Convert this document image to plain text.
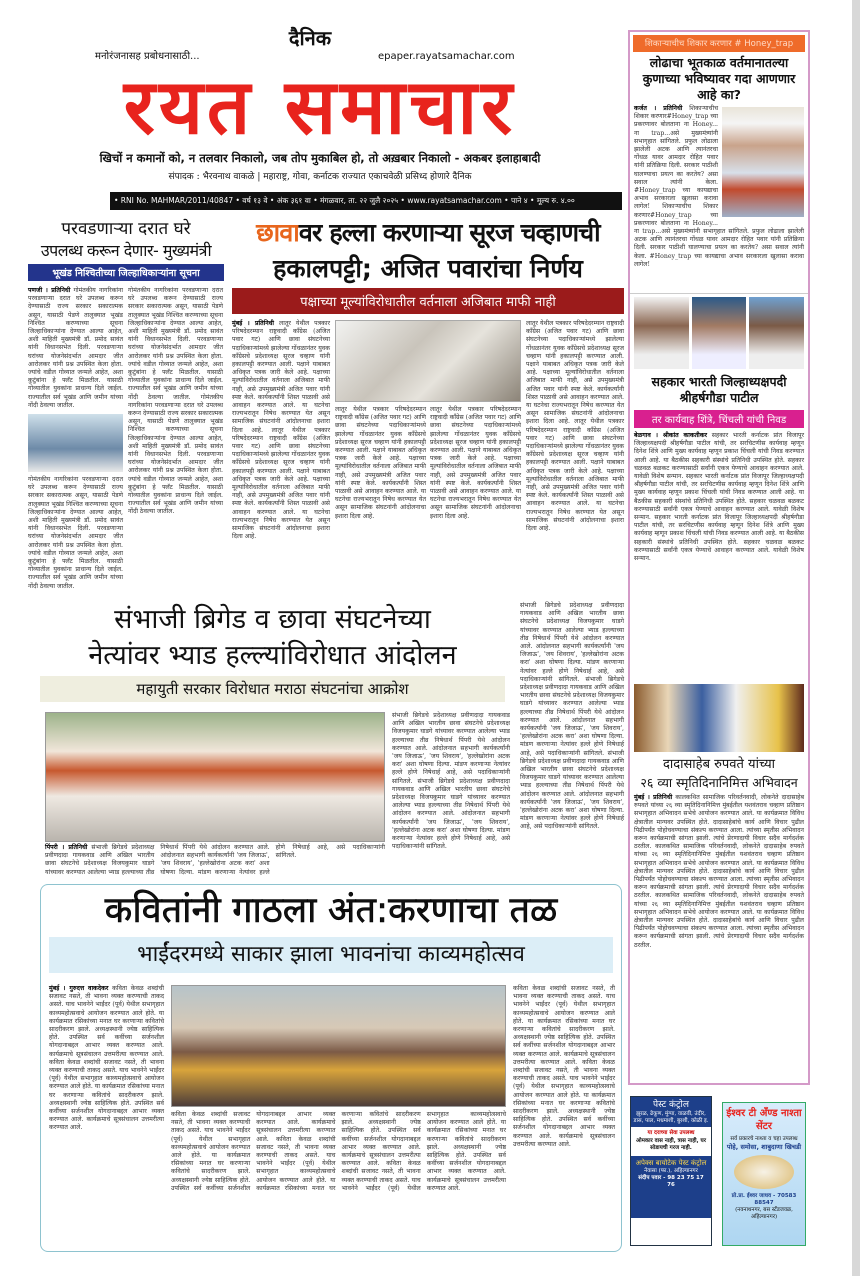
दैनिक
मनोरंजनासह प्रबोधनासाठी...	epaper.rayatsamachar.com
रयत समाचार
खिचों न कमानों को, न तलवार निकालो, जब तोप मुकाबिल हो, तो अख़बार निकालो - अकबर इलाहाबादी
संपादक : भैरवनाथ वाकळे | महाराष्ट्र, गोवा, कर्नाटक राज्यात एकाचवेळी प्रसिध्द होणारे दैनिक
• RNI No. MAHMAR/2011/40847 • वर्ष १३ वे • अंक ३६१ वा • मंगळवार, ता. २२ जुलै २०२५ • www.rayatsamachar.com • पाने ४ • मूल्य रु. ४.००
परवडणाऱ्या दरात घरे
उपलब्ध करून देणार- मुख्यमंत्री
भूखंड निश्चितीच्या जिल्हाधिकाऱ्यांना सूचना
पणजी । प्रतिनिधी गोमंतकीय नागरिकांना परवडणाऱ्या दरात घरे उपलब्ध करून देण्यासाठी राज्य सरकार सकारात्मक असून, यासाठी पेडणे तालुक्यात भूखंड निश्चित करण्याच्या सूचना जिल्हाधिकाऱ्यांना देण्यात आल्या आहेत, अशी माहिती मुख्यमंत्री डॉ. प्रमोद सावंत यांनी विधानसभेत दिली. परवडणाऱ्या घरांच्या योजनेसंदर्भात आमदार जीत आरोलकर यांनी प्रश्न उपस्थित केला होता. ज्यांचे वडील गोव्यात जन्मले आहेत, अशा कुटुंबांना हे फ्लॅट मिळतील. यासाठी गोव्यातील युवकांना प्राधान्य दिले जाईल. राज्यातील सर्व भूखंड आणि जमीन यांच्या नोंदी ठेवल्या जातील.
गोमंतकीय नागरिकांना परवडणाऱ्या दरात घरे उपलब्ध करून देण्यासाठी राज्य सरकार सकारात्मक असून, यासाठी पेडणे तालुक्यात भूखंड निश्चित करण्याच्या सूचना जिल्हाधिकाऱ्यांना देण्यात आल्या आहेत, अशी माहिती मुख्यमंत्री डॉ. प्रमोद सावंत यांनी विधानसभेत दिली. परवडणाऱ्या घरांच्या योजनेसंदर्भात आमदार जीत आरोलकर यांनी प्रश्न उपस्थित केला होता. ज्यांचे वडील गोव्यात जन्मले आहेत, अशा कुटुंबांना हे फ्लॅट मिळतील. यासाठी गोव्यातील युवकांना प्राधान्य दिले जाईल. राज्यातील सर्व भूखंड आणि जमीन यांच्या नोंदी ठेवल्या जातील.
गोमंतकीय नागरिकांना परवडणाऱ्या दरात घरे उपलब्ध करून देण्यासाठी राज्य सरकार सकारात्मक असून, यासाठी पेडणे तालुक्यात भूखंड निश्चित करण्याच्या सूचना जिल्हाधिकाऱ्यांना देण्यात आल्या आहेत, अशी माहिती मुख्यमंत्री डॉ. प्रमोद सावंत यांनी विधानसभेत दिली. परवडणाऱ्या घरांच्या योजनेसंदर्भात आमदार जीत आरोलकर यांनी प्रश्न उपस्थित केला होता. ज्यांचे वडील गोव्यात जन्मले आहेत, अशा कुटुंबांना हे फ्लॅट मिळतील. यासाठी गोव्यातील युवकांना प्राधान्य दिले जाईल. राज्यातील सर्व भूखंड आणि जमीन यांच्या नोंदी ठेवल्या जातील. गोमंतकीय नागरिकांना परवडणाऱ्या दरात घरे उपलब्ध करून देण्यासाठी राज्य सरकार सकारात्मक असून, यासाठी पेडणे तालुक्यात भूखंड निश्चित करण्याच्या सूचना जिल्हाधिकाऱ्यांना देण्यात आल्या आहेत, अशी माहिती मुख्यमंत्री डॉ. प्रमोद सावंत यांनी विधानसभेत दिली. परवडणाऱ्या घरांच्या योजनेसंदर्भात आमदार जीत आरोलकर यांनी प्रश्न उपस्थित केला होता. ज्यांचे वडील गोव्यात जन्मले आहेत, अशा कुटुंबांना हे फ्लॅट मिळतील. यासाठी गोव्यातील युवकांना प्राधान्य दिले जाईल. राज्यातील सर्व भूखंड आणि जमीन यांच्या नोंदी ठेवल्या जातील.
छावावर हल्ला करणाऱ्या सूरज चव्हाणची
हकालपट्टी; अजित पवारांचा निर्णय
पक्षाच्या मूल्यांविरोधातील वर्तनाला अजिबात माफी नाही
मुंबई । प्रतिनिधी लातूर येथील पत्रकार परिषदेदरम्यान राष्ट्रवादी काँग्रेस (अजित पवार गट) आणि छावा संघटनेच्या पदाधिकाऱ्यांमध्ये झालेल्या गोंधळानंतर युवक काँग्रेसचे प्रदेशाध्यक्ष सूरज चव्हाण यांनी हकालपट्टी करण्यात आली. पक्षाने याबाबत अधिकृत पत्रक जारी केले आहे. पक्षाच्या मूल्यांविरोधातील वर्तनाला अजिबात माफी नाही, असे उपमुख्यमंत्री अजित पवार यांनी स्पष्ट केले. कार्यकर्त्यांनी शिस्त पाळावी असे आवाहन करण्यात आले. या घटनेचा राज्यभरातून निषेध करण्यात येत असून सामाजिक संघटनांनी आंदोलनाचा इशारा दिला आहे. लातूर येथील पत्रकार परिषदेदरम्यान राष्ट्रवादी काँग्रेस (अजित पवार गट) आणि छावा संघटनेच्या पदाधिकाऱ्यांमध्ये झालेल्या गोंधळानंतर युवक काँग्रेसचे प्रदेशाध्यक्ष सूरज चव्हाण यांनी हकालपट्टी करण्यात आली. पक्षाने याबाबत अधिकृत पत्रक जारी केले आहे. पक्षाच्या मूल्यांविरोधातील वर्तनाला अजिबात माफी नाही, असे उपमुख्यमंत्री अजित पवार यांनी स्पष्ट केले. कार्यकर्त्यांनी शिस्त पाळावी असे आवाहन करण्यात आले. या घटनेचा राज्यभरातून निषेध करण्यात येत असून सामाजिक संघटनांनी आंदोलनाचा इशारा दिला आहे.
लातूर येथील पत्रकार परिषदेदरम्यान राष्ट्रवादी काँग्रेस (अजित पवार गट) आणि छावा संघटनेच्या पदाधिकाऱ्यांमध्ये झालेल्या गोंधळानंतर युवक काँग्रेसचे प्रदेशाध्यक्ष सूरज चव्हाण यांनी हकालपट्टी करण्यात आली. पक्षाने याबाबत अधिकृत पत्रक जारी केले आहे. पक्षाच्या मूल्यांविरोधातील वर्तनाला अजिबात माफी नाही, असे उपमुख्यमंत्री अजित पवार यांनी स्पष्ट केले. कार्यकर्त्यांनी शिस्त पाळावी असे आवाहन करण्यात आले. या घटनेचा राज्यभरातून निषेध करण्यात येत असून सामाजिक संघटनांनी आंदोलनाचा इशारा दिला आहे.
लातूर येथील पत्रकार परिषदेदरम्यान राष्ट्रवादी काँग्रेस (अजित पवार गट) आणि छावा संघटनेच्या पदाधिकाऱ्यांमध्ये झालेल्या गोंधळानंतर युवक काँग्रेसचे प्रदेशाध्यक्ष सूरज चव्हाण यांनी हकालपट्टी करण्यात आली. पक्षाने याबाबत अधिकृत पत्रक जारी केले आहे. पक्षाच्या मूल्यांविरोधातील वर्तनाला अजिबात माफी नाही, असे उपमुख्यमंत्री अजित पवार यांनी स्पष्ट केले. कार्यकर्त्यांनी शिस्त पाळावी असे आवाहन करण्यात आले. या घटनेचा राज्यभरातून निषेध करण्यात येत असून सामाजिक संघटनांनी आंदोलनाचा इशारा दिला आहे.
लातूर येथील पत्रकार परिषदेदरम्यान राष्ट्रवादी काँग्रेस (अजित पवार गट) आणि छावा संघटनेच्या पदाधिकाऱ्यांमध्ये झालेल्या गोंधळानंतर युवक काँग्रेसचे प्रदेशाध्यक्ष सूरज चव्हाण यांनी हकालपट्टी करण्यात आली. पक्षाने याबाबत अधिकृत पत्रक जारी केले आहे. पक्षाच्या मूल्यांविरोधातील वर्तनाला अजिबात माफी नाही, असे उपमुख्यमंत्री अजित पवार यांनी स्पष्ट केले. कार्यकर्त्यांनी शिस्त पाळावी असे आवाहन करण्यात आले. या घटनेचा राज्यभरातून निषेध करण्यात येत असून सामाजिक संघटनांनी आंदोलनाचा इशारा दिला आहे. लातूर येथील पत्रकार परिषदेदरम्यान राष्ट्रवादी काँग्रेस (अजित पवार गट) आणि छावा संघटनेच्या पदाधिकाऱ्यांमध्ये झालेल्या गोंधळानंतर युवक काँग्रेसचे प्रदेशाध्यक्ष सूरज चव्हाण यांनी हकालपट्टी करण्यात आली. पक्षाने याबाबत अधिकृत पत्रक जारी केले आहे. पक्षाच्या मूल्यांविरोधातील वर्तनाला अजिबात माफी नाही, असे उपमुख्यमंत्री अजित पवार यांनी स्पष्ट केले. कार्यकर्त्यांनी शिस्त पाळावी असे आवाहन करण्यात आले. या घटनेचा राज्यभरातून निषेध करण्यात येत असून सामाजिक संघटनांनी आंदोलनाचा इशारा दिला आहे.
संभाजी ब्रिगेड व छावा संघटनेच्या
नेत्यांवर भ्याड हल्ल्यांविरोधात आंदोलन
महायुती सरकार विरोधात मराठा संघटनांचा आक्रोश
पिंपरी । प्रतिनिधी संभाजी ब्रिगेडचे प्रदेशाध्यक्ष प्रवीणदादा गायकवाड आणि अखिल भारतीय छावा संघटनेचे प्रदेशाध्यक्ष विजयकुमार घाडगे यांच्यावर करण्यात आलेल्या भ्याड हल्ल्याच्या तीव्र निषेधार्थ पिंपरी येथे आंदोलन करण्यात आले. आंदोलनात सहभागी कार्यकर्त्यांनी 'जय जिजाऊ', 'जय शिवराय', 'हल्लेखोरांना अटक करा' अशा घोषणा दिल्या. मांडण करणाऱ्या नेत्यांवर हल्ले होणे निषेधार्ह आहे, असे पदाधिकाऱ्यांनी सांगितले.
संभाजी ब्रिगेडचे प्रदेशाध्यक्ष प्रवीणदादा गायकवाड आणि अखिल भारतीय छावा संघटनेचे प्रदेशाध्यक्ष विजयकुमार घाडगे यांच्यावर करण्यात आलेल्या भ्याड हल्ल्याच्या तीव्र निषेधार्थ पिंपरी येथे आंदोलन करण्यात आले. आंदोलनात सहभागी कार्यकर्त्यांनी 'जय जिजाऊ', 'जय शिवराय', 'हल्लेखोरांना अटक करा' अशा घोषणा दिल्या. मांडण करणाऱ्या नेत्यांवर हल्ले होणे निषेधार्ह आहे, असे पदाधिकाऱ्यांनी सांगितले. संभाजी ब्रिगेडचे प्रदेशाध्यक्ष प्रवीणदादा गायकवाड आणि अखिल भारतीय छावा संघटनेचे प्रदेशाध्यक्ष विजयकुमार घाडगे यांच्यावर करण्यात आलेल्या भ्याड हल्ल्याच्या तीव्र निषेधार्थ पिंपरी येथे आंदोलन करण्यात आले. आंदोलनात सहभागी कार्यकर्त्यांनी 'जय जिजाऊ', 'जय शिवराय', 'हल्लेखोरांना अटक करा' अशा घोषणा दिल्या. मांडण करणाऱ्या नेत्यांवर हल्ले होणे निषेधार्ह आहे, असे पदाधिकाऱ्यांनी सांगितले.
संभाजी ब्रिगेडचे प्रदेशाध्यक्ष प्रवीणदादा गायकवाड आणि अखिल भारतीय छावा संघटनेचे प्रदेशाध्यक्ष विजयकुमार घाडगे यांच्यावर करण्यात आलेल्या भ्याड हल्ल्याच्या तीव्र निषेधार्थ पिंपरी येथे आंदोलन करण्यात आले. आंदोलनात सहभागी कार्यकर्त्यांनी 'जय जिजाऊ', 'जय शिवराय', 'हल्लेखोरांना अटक करा' अशा घोषणा दिल्या. मांडण करणाऱ्या नेत्यांवर हल्ले होणे निषेधार्ह आहे, असे पदाधिकाऱ्यांनी सांगितले. संभाजी ब्रिगेडचे प्रदेशाध्यक्ष प्रवीणदादा गायकवाड आणि अखिल भारतीय छावा संघटनेचे प्रदेशाध्यक्ष विजयकुमार घाडगे यांच्यावर करण्यात आलेल्या भ्याड हल्ल्याच्या तीव्र निषेधार्थ पिंपरी येथे आंदोलन करण्यात आले. आंदोलनात सहभागी कार्यकर्त्यांनी 'जय जिजाऊ', 'जय शिवराय', 'हल्लेखोरांना अटक करा' अशा घोषणा दिल्या. मांडण करणाऱ्या नेत्यांवर हल्ले होणे निषेधार्ह आहे, असे पदाधिकाऱ्यांनी सांगितले. संभाजी ब्रिगेडचे प्रदेशाध्यक्ष प्रवीणदादा गायकवाड आणि अखिल भारतीय छावा संघटनेचे प्रदेशाध्यक्ष विजयकुमार घाडगे यांच्यावर करण्यात आलेल्या भ्याड हल्ल्याच्या तीव्र निषेधार्थ पिंपरी येथे आंदोलन करण्यात आले. आंदोलनात सहभागी कार्यकर्त्यांनी 'जय जिजाऊ', 'जय शिवराय', 'हल्लेखोरांना अटक करा' अशा घोषणा दिल्या. मांडण करणाऱ्या नेत्यांवर हल्ले होणे निषेधार्ह आहे, असे पदाधिकाऱ्यांनी सांगितले.
कवितांनी गाठला अंत:करणाचा तळ
भाईंदरमध्ये साकार झाला भावनांचा काव्यमहोत्सव
मुंबई । गुरुदत्त वाकदेकर कविता केवळ शब्दांची सजावट नसते, ती भावना व्यक्त करण्याची ताकद असते. याच भावनेने भाईंदर (पूर्व) येथील सभागृहात काव्यमहोत्सवाचे आयोजन करण्यात आले होते. या कार्यक्रमात रसिकांच्या मनात घर करणाऱ्या कवितांचे सादरीकरण झाले. अध्यक्षस्थानी ज्येष्ठ साहित्यिक होते. उपस्थित सर्व कवींच्या सर्जनशील योगदानाबद्दल आभार व्यक्त करण्यात आले. कार्यक्रमाचे सूत्रसंचालन उत्तमरीत्या करण्यात आले. कविता केवळ शब्दांची सजावट नसते, ती भावना व्यक्त करण्याची ताकद असते. याच भावनेने भाईंदर (पूर्व) येथील सभागृहात काव्यमहोत्सवाचे आयोजन करण्यात आले होते. या कार्यक्रमात रसिकांच्या मनात घर करणाऱ्या कवितांचे सादरीकरण झाले. अध्यक्षस्थानी ज्येष्ठ साहित्यिक होते. उपस्थित सर्व कवींच्या सर्जनशील योगदानाबद्दल आभार व्यक्त करण्यात आले. कार्यक्रमाचे सूत्रसंचालन उत्तमरीत्या करण्यात आले.
कविता केवळ शब्दांची सजावट नसते, ती भावना व्यक्त करण्याची ताकद असते. याच भावनेने भाईंदर (पूर्व) येथील सभागृहात काव्यमहोत्सवाचे आयोजन करण्यात आले होते. या कार्यक्रमात रसिकांच्या मनात घर करणाऱ्या कवितांचे सादरीकरण झाले. अध्यक्षस्थानी ज्येष्ठ साहित्यिक होते. उपस्थित सर्व कवींच्या सर्जनशील योगदानाबद्दल आभार व्यक्त करण्यात आले. कार्यक्रमाचे सूत्रसंचालन उत्तमरीत्या करण्यात आले. कविता केवळ शब्दांची सजावट नसते, ती भावना व्यक्त करण्याची ताकद असते. याच भावनेने भाईंदर (पूर्व) येथील सभागृहात काव्यमहोत्सवाचे आयोजन करण्यात आले होते. या कार्यक्रमात रसिकांच्या मनात घर करणाऱ्या कवितांचे सादरीकरण झाले. अध्यक्षस्थानी ज्येष्ठ साहित्यिक होते. उपस्थित सर्व कवींच्या सर्जनशील योगदानाबद्दल आभार व्यक्त करण्यात आले. कार्यक्रमाचे सूत्रसंचालन उत्तमरीत्या करण्यात आले. कविता केवळ शब्दांची सजावट नसते, ती भावना व्यक्त करण्याची ताकद असते. याच भावनेने भाईंदर (पूर्व) येथील सभागृहात काव्यमहोत्सवाचे आयोजन करण्यात आले होते. या कार्यक्रमात रसिकांच्या मनात घर करणाऱ्या कवितांचे सादरीकरण झाले. अध्यक्षस्थानी ज्येष्ठ साहित्यिक होते. उपस्थित सर्व कवींच्या सर्जनशील योगदानाबद्दल आभार व्यक्त करण्यात आले. कार्यक्रमाचे सूत्रसंचालन उत्तमरीत्या करण्यात आले.
कविता केवळ शब्दांची सजावट नसते, ती भावना व्यक्त करण्याची ताकद असते. याच भावनेने भाईंदर (पूर्व) येथील सभागृहात काव्यमहोत्सवाचे आयोजन करण्यात आले होते. या कार्यक्रमात रसिकांच्या मनात घर करणाऱ्या कवितांचे सादरीकरण झाले. अध्यक्षस्थानी ज्येष्ठ साहित्यिक होते. उपस्थित सर्व कवींच्या सर्जनशील योगदानाबद्दल आभार व्यक्त करण्यात आले. कार्यक्रमाचे सूत्रसंचालन उत्तमरीत्या करण्यात आले. कविता केवळ शब्दांची सजावट नसते, ती भावना व्यक्त करण्याची ताकद असते. याच भावनेने भाईंदर (पूर्व) येथील सभागृहात काव्यमहोत्सवाचे आयोजन करण्यात आले होते. या कार्यक्रमात रसिकांच्या मनात घर करणाऱ्या कवितांचे सादरीकरण झाले. अध्यक्षस्थानी ज्येष्ठ साहित्यिक होते. उपस्थित सर्व कवींच्या सर्जनशील योगदानाबद्दल आभार व्यक्त करण्यात आले. कार्यक्रमाचे सूत्रसंचालन उत्तमरीत्या करण्यात आले.
शिकाऱ्याचीच शिकार करणार # Honey_trap
लोढाचा भूतकाळ वर्तमानातल्या कुणाच्या भविष्यावर गदा आणणार आहे का?
कर्जत । प्रतिनिधी शिकाऱ्याचीच शिकार करणार#Honey_trap च्या प्रकरणावर बोलताना ना Honey... ना trap...असे मुख्यमंत्र्यांनी सभागृहात सांगितले. प्रफुल लोढाला झालेली अटक आणि त्यानंतरचा गोंधळ यावर आमदार रोहित पवार यांनी प्रतिक्रिया दिली. सरकार पाठीशी घालण्याचा प्रयत्न का करतेय? असा सवाल त्यांनी केला. #Honey_trap च्या कायद्याचा अभाव सरकारला खुलासा करावा लागेल! शिकाऱ्याचीच शिकार करणार#Honey_trap च्या प्रकरणावर बोलताना ना Honey... ना trap...असे मुख्यमंत्र्यांनी सभागृहात सांगितले. प्रफुल लोढाला झालेली अटक आणि त्यानंतरचा गोंधळ यावर आमदार रोहित पवार यांनी प्रतिक्रिया दिली. सरकार पाठीशी घालण्याचा प्रयत्न का करतेय? असा सवाल त्यांनी केला. #Honey_trap च्या कायद्याचा अभाव सरकारला खुलासा करावा लागेल!
सहकार भारती जिल्हाध्यक्षपदी श्रीहर्षगौडा पाटील
तर कार्यवाह शिंत्रे, चिंचली यांची निवड
बेळगाव । श्रीकांत काकतीकर सहकार भारती कर्नाटक प्रांत विजापूर जिल्हाध्यक्षपदी श्रीहर्षगौडा पाटील यांची, तर सरचिटणीस कार्यवाह म्हणून दिनेश शिंत्रे आणि मुख्य कार्यवाह म्हणून प्रकाश चिंचली यांची निवड करण्यात आली आहे. या बैठकीस सहकारी संस्थांचे प्रतिनिधी उपस्थित होते. सहकार चळवळ बळकट करण्यासाठी सर्वांनी एकत्र येण्याचे आवाहन करण्यात आले. यावेळी विशेष सन्मान. सहकार भारती कर्नाटक प्रांत विजापूर जिल्हाध्यक्षपदी श्रीहर्षगौडा पाटील यांची, तर सरचिटणीस कार्यवाह म्हणून दिनेश शिंत्रे आणि मुख्य कार्यवाह म्हणून प्रकाश चिंचली यांची निवड करण्यात आली आहे. या बैठकीस सहकारी संस्थांचे प्रतिनिधी उपस्थित होते. सहकार चळवळ बळकट करण्यासाठी सर्वांनी एकत्र येण्याचे आवाहन करण्यात आले. यावेळी विशेष सन्मान. सहकार भारती कर्नाटक प्रांत विजापूर जिल्हाध्यक्षपदी श्रीहर्षगौडा पाटील यांची, तर सरचिटणीस कार्यवाह म्हणून दिनेश शिंत्रे आणि मुख्य कार्यवाह म्हणून प्रकाश चिंचली यांची निवड करण्यात आली आहे. या बैठकीस सहकारी संस्थांचे प्रतिनिधी उपस्थित होते. सहकार चळवळ बळकट करण्यासाठी सर्वांनी एकत्र येण्याचे आवाहन करण्यात आले. यावेळी विशेष सन्मान.
दादासाहेब रुपवते यांच्या
२६ व्या स्मृतिदिनानिमित्त अभिवादन
मुंबई । प्रतिनिधी कालकथित सामाजिक परिवर्तनवादी, लोकनेते दादासाहेब रुपवते यांच्या २६ व्या स्मृतिदिनानिमित्त मुंबईतील यशवंतराव चव्हाण प्रतिष्ठान सभागृहात अभिवादन सभेचे आयोजन करण्यात आले. या कार्यक्रमात विविध क्षेत्रातील मान्यवर उपस्थित होते. दादासाहेबांचे कार्य आणि विचार पुढील पिढीपर्यंत पोहोचवण्याचा संकल्प करण्यात आला. त्यांच्या स्मृतीस अभिवादन करून कार्यक्रमाची सांगता झाली. त्यांचे प्रेरणादायी विचार सदैव मार्गदर्शक ठरतील. कालकथित सामाजिक परिवर्तनवादी, लोकनेते दादासाहेब रुपवते यांच्या २६ व्या स्मृतिदिनानिमित्त मुंबईतील यशवंतराव चव्हाण प्रतिष्ठान सभागृहात अभिवादन सभेचे आयोजन करण्यात आले. या कार्यक्रमात विविध क्षेत्रातील मान्यवर उपस्थित होते. दादासाहेबांचे कार्य आणि विचार पुढील पिढीपर्यंत पोहोचवण्याचा संकल्प करण्यात आला. त्यांच्या स्मृतीस अभिवादन करून कार्यक्रमाची सांगता झाली. त्यांचे प्रेरणादायी विचार सदैव मार्गदर्शक ठरतील. कालकथित सामाजिक परिवर्तनवादी, लोकनेते दादासाहेब रुपवते यांच्या २६ व्या स्मृतिदिनानिमित्त मुंबईतील यशवंतराव चव्हाण प्रतिष्ठान सभागृहात अभिवादन सभेचे आयोजन करण्यात आले. या कार्यक्रमात विविध क्षेत्रातील मान्यवर उपस्थित होते. दादासाहेबांचे कार्य आणि विचार पुढील पिढीपर्यंत पोहोचवण्याचा संकल्प करण्यात आला. त्यांच्या स्मृतीस अभिवादन करून कार्यक्रमाची सांगता झाली. त्यांचे प्रेरणादायी विचार सदैव मार्गदर्शक ठरतील.
पेस्ट कंट्रोल
झुरळ, ढेकूण, मुंग्या, वाळवी, उंदीर, डास, पाल, मधमाशी, बुरशी, कोळी इ.
या दराच्या सेवा उपलब्ध
ओमकार वास नाही, त्रास नाही, घर सोडायची गरज नाही.
अपेक्स बायोटेक पेस्ट कंट्रोल
नेवासा (फा.), अहिल्यानगर
संदीप पवार - 98 23 75 17 76
ईश्वर टी अँण्ड नाश्ता सेंटर
सर्व प्रकारचे नाश्ता व चहा उपलब्ध
पोहे, समोसा, शाबुदाणा खिचडी
प्रो.प्रा. ईश्वर जाधव - 70583 88547
(नवनाथनगर, बस स्टँडजवळ, अहिल्यानगर)
